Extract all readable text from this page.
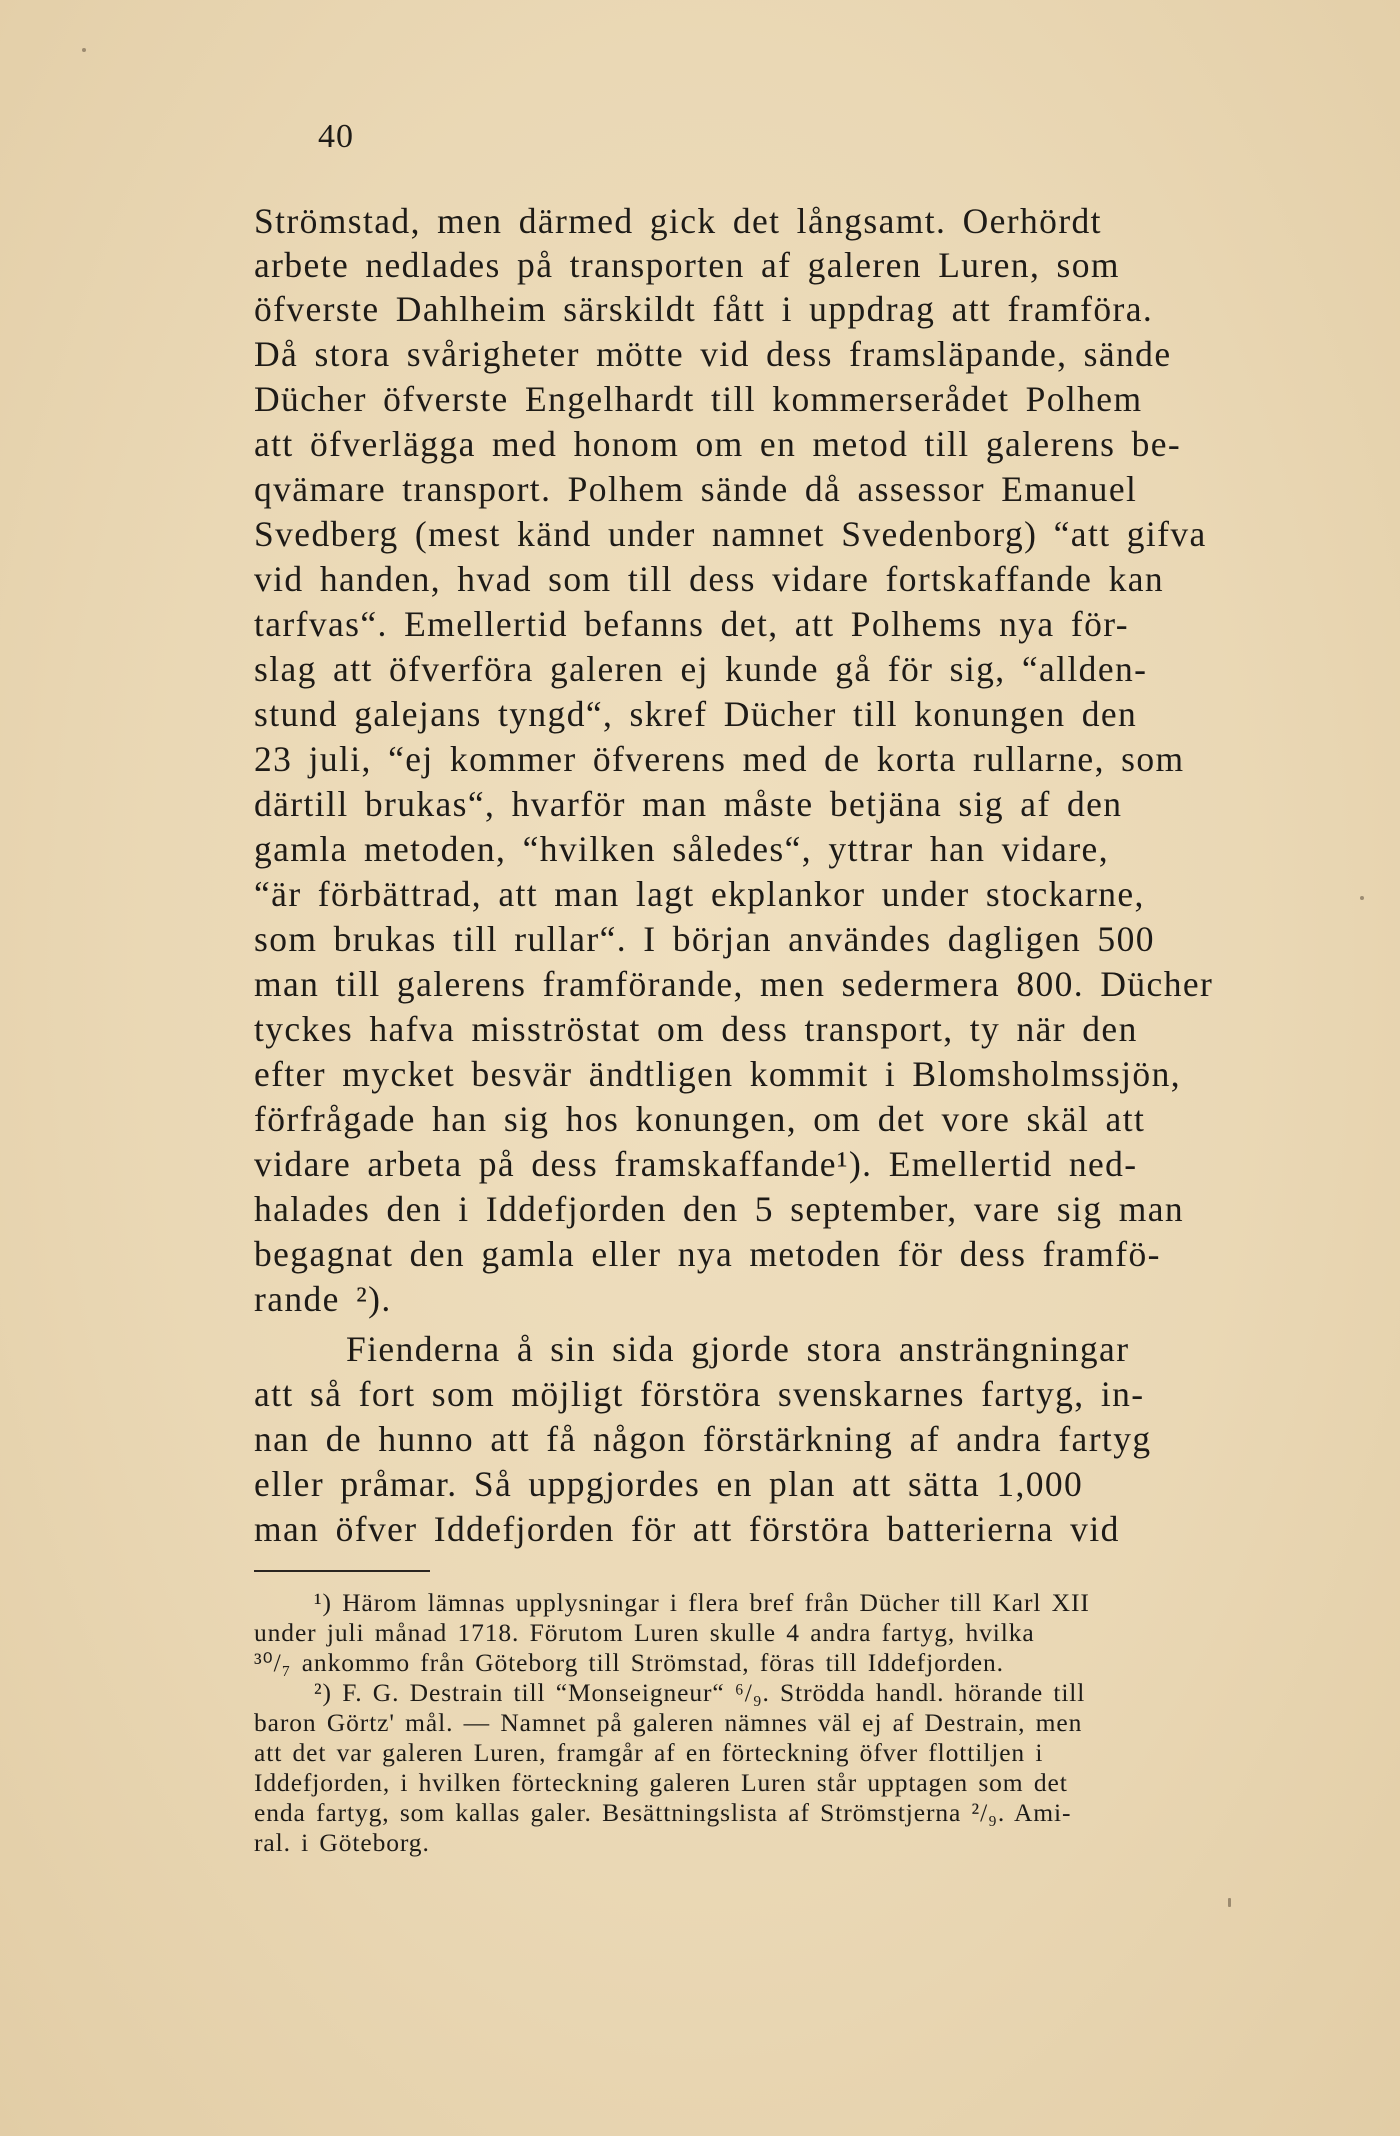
40
Strömstad, men därmed gick det långsamt. Oerhördt
arbete nedlades på transporten af galeren Luren, som
öfverste Dahlheim särskildt fått i uppdrag att framföra.
Då stora svårigheter mötte vid dess framsläpande, sände
Dücher öfverste Engelhardt till kommerserådet Polhem
att öfverlägga med honom om en metod till galerens be-
qvämare transport. Polhem sände då assessor Emanuel
Svedberg (mest känd under namnet Svedenborg) “att gifva
vid handen, hvad som till dess vidare fortskaffande kan
tarfvas“. Emellertid befanns det, att Polhems nya för-
slag att öfverföra galeren ej kunde gå för sig, “allden-
stund galejans tyngd“, skref Dücher till konungen den
23 juli, “ej kommer öfverens med de korta rullarne, som
därtill brukas“, hvarför man måste betjäna sig af den
gamla metoden, “hvilken således“, yttrar han vidare,
“är förbättrad, att man lagt ekplankor under stockarne,
som brukas till rullar“. I början användes dagligen 500
man till galerens framförande, men sedermera 800. Dücher
tyckes hafva misströstat om dess transport, ty när den
efter mycket besvär ändtligen kommit i Blomsholmssjön,
förfrågade han sig hos konungen, om det vore skäl att
vidare arbeta på dess framskaffande¹). Emellertid ned-
halades den i Iddefjorden den 5 september, vare sig man
begagnat den gamla eller nya metoden för dess framfö-
rande ²).
Fienderna å sin sida gjorde stora ansträngningar
att så fort som möjligt förstöra svenskarnes fartyg, in-
nan de hunno att få någon förstärkning af andra fartyg
eller pråmar. Så uppgjordes en plan att sätta 1,000
man öfver Iddefjorden för att förstöra batterierna vid
¹) Härom lämnas upplysningar i flera bref från Dücher till Karl XII
under juli månad 1718. Förutom Luren skulle 4 andra fartyg, hvilka
³⁰/₇ ankommo från Göteborg till Strömstad, föras till Iddefjorden.
²) F. G. Destrain till “Monseigneur“ ⁶/₉. Strödda handl. hörande till
baron Görtz' mål. — Namnet på galeren nämnes väl ej af Destrain, men
att det var galeren Luren, framgår af en förteckning öfver flottiljen i
Iddefjorden, i hvilken förteckning galeren Luren står upptagen som det
enda fartyg, som kallas galer. Besättningslista af Strömstjerna ²/₉. Ami-
ral. i Göteborg.
